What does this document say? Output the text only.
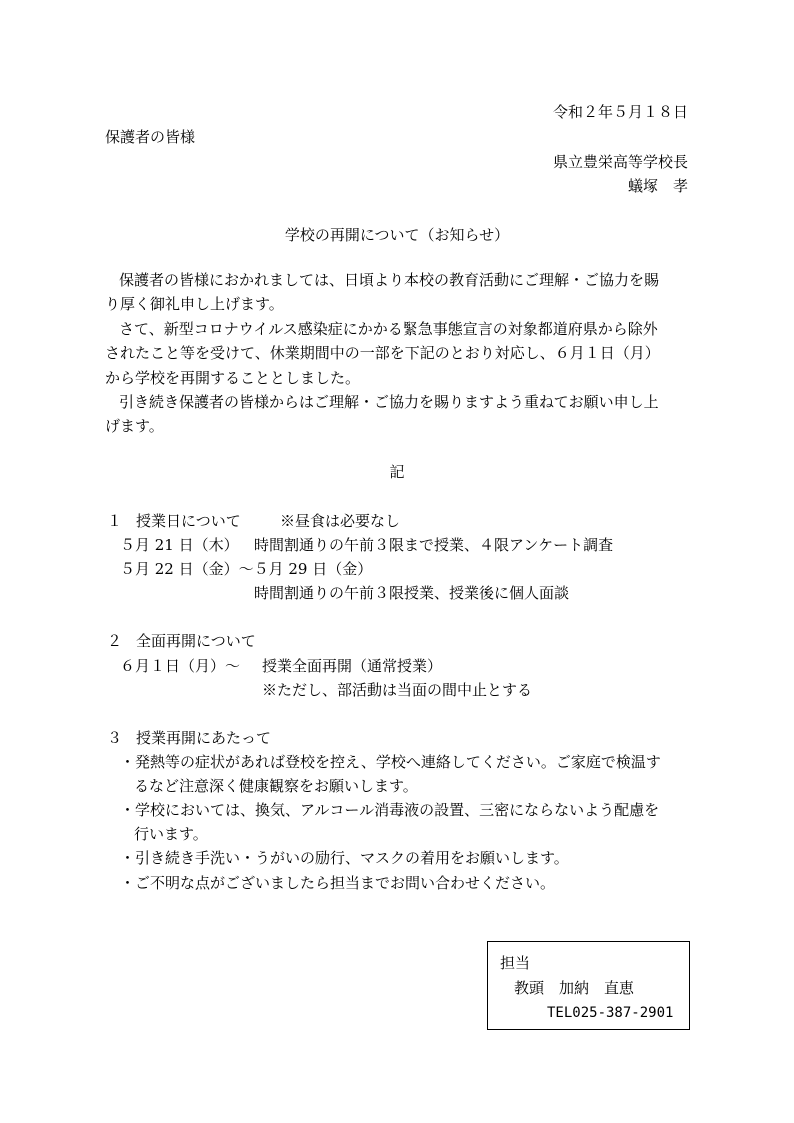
令和２年５月１８日
保護者の皆様
県立豊栄高等学校長
蟻塚　孝
学校の再開について（お知らせ）
保護者の皆様におかれましては、日頃より本校の教育活動にご理解・ご協力を賜
り厚く御礼申し上げます。
さて、新型コロナウイルス感染症にかかる緊急事態宣言の対象都道府県から除外
されたこと等を受けて、休業期間中の一部を下記のとおり対応し、６月１日（月）
から学校を再開することとしました。
引き続き保護者の皆様からはご理解・ご協力を賜りますよう重ねてお願い申し上
げます。
記
１ 授業日について	※昼食は必要なし
５月 21 日（木） 時間割通りの午前３限まで授業、４限アンケート調査
５月 22 日（金）～５月 29 日（金）
時間割通りの午前３限授業、授業後に個人面談
２ 全面再開について
６月１日（月）～ 授業全面再開（通常授業）
※ただし、部活動は当面の間中止とする
３ 授業再開にあたって
・発熱等の症状があれば登校を控え、学校へ連絡してください。ご家庭で検温す
るなど注意深く健康観察をお願いします。
・学校においては、換気、アルコール消毒液の設置、三密にならないよう配慮を
行います。
・引き続き手洗い・うがいの励行、マスクの着用をお願いします。
・ご不明な点がございましたら担当までお問い合わせください。
担当
教頭　加納　直恵
TEL025-387-2901
